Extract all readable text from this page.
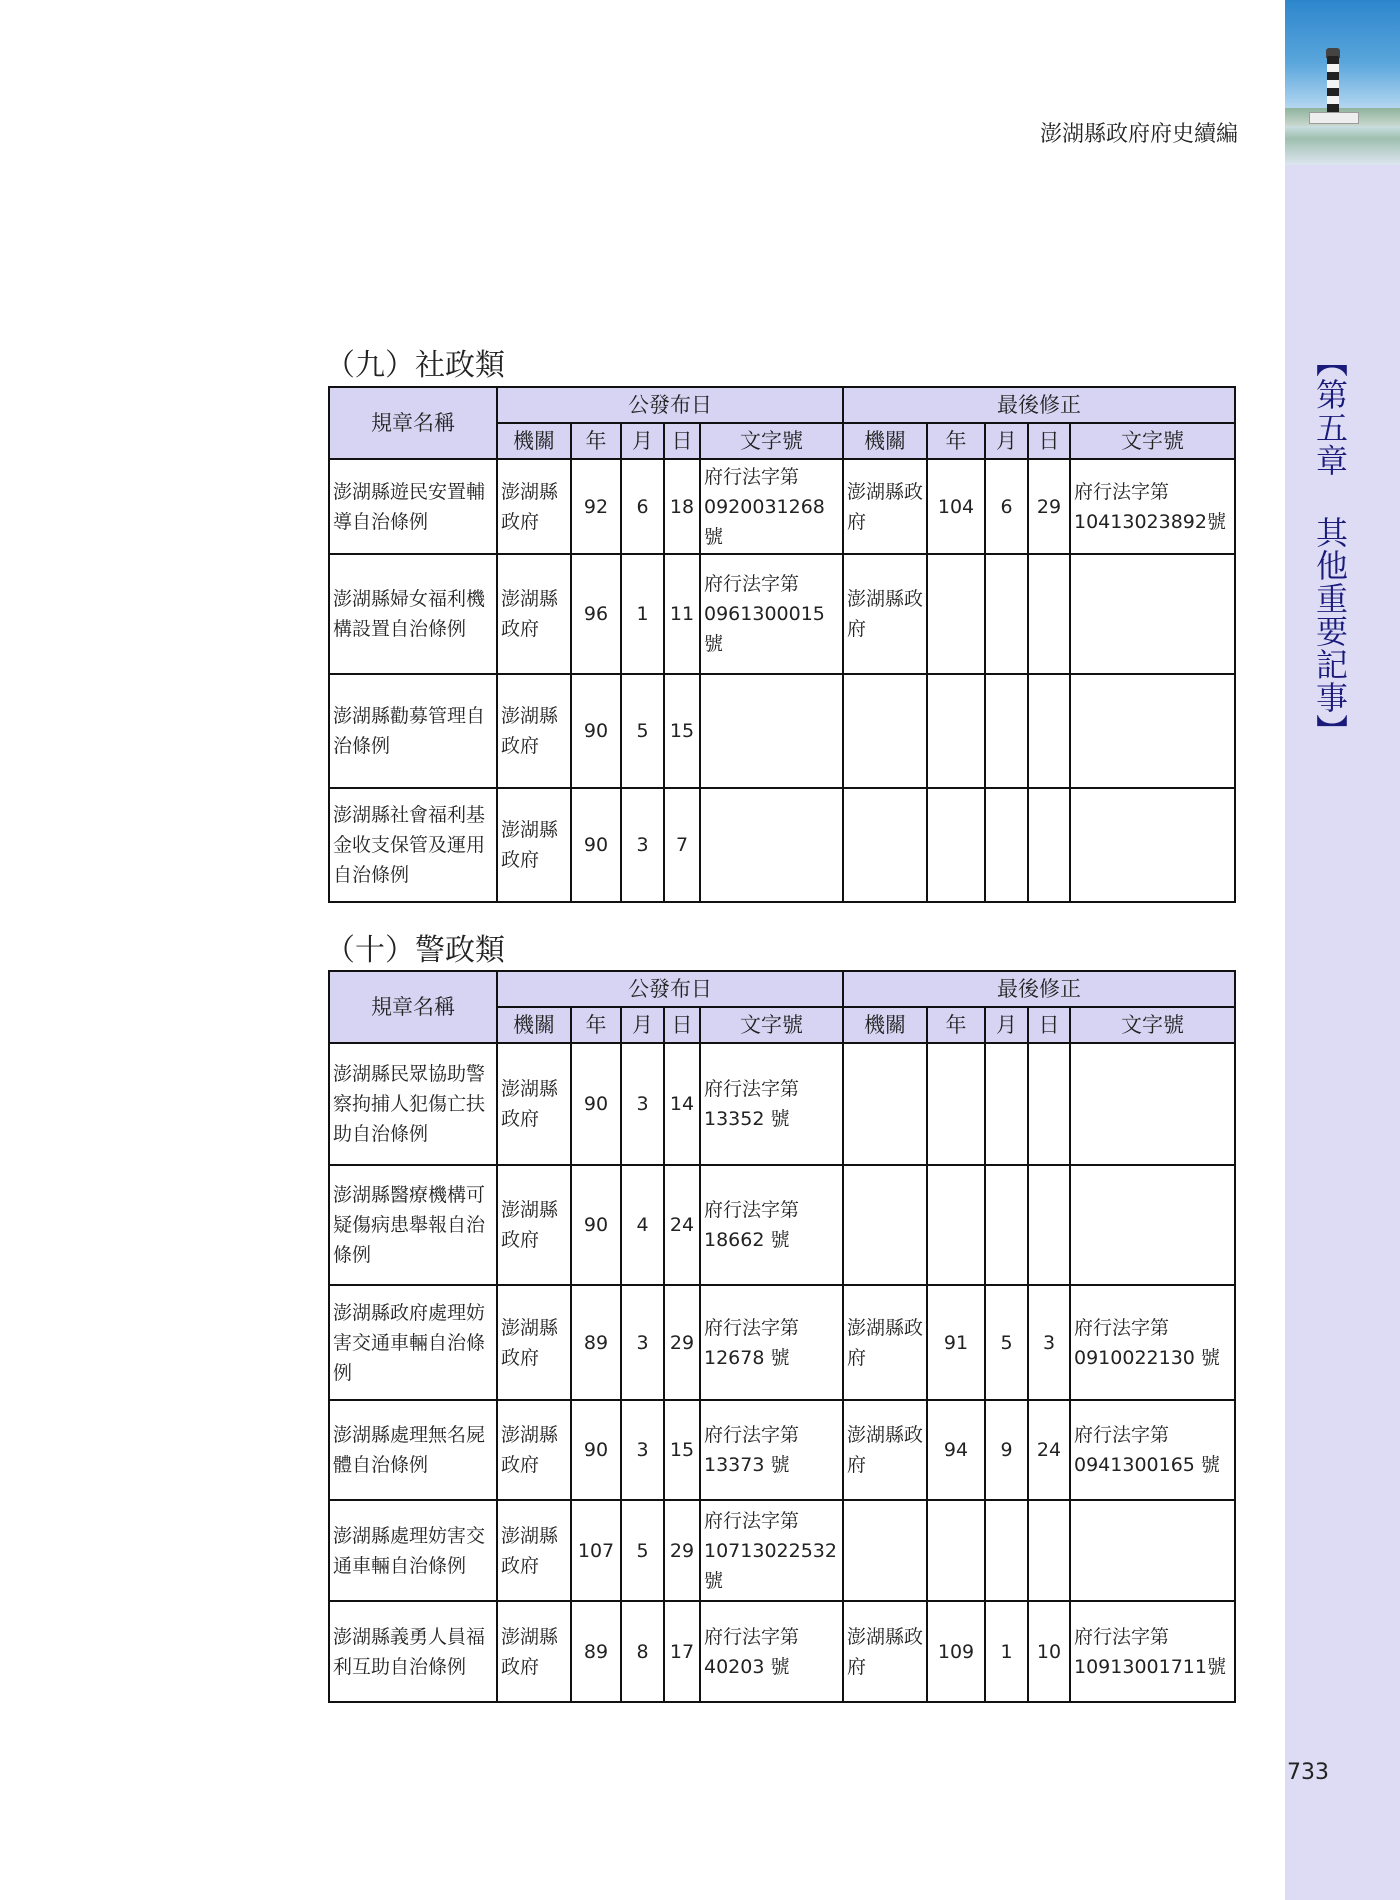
澎湖縣政府府史續編
【第五章 其他重要記事】
733
（九）社政類
規章名稱	公發布日					最後修正				
	機關	年	月	日	文字號	機關	年	月	日	文字號
澎湖縣遊民安置輔導自治條例	澎湖縣政府	92	6	18	府行法字第0920031268號	澎湖縣政府	104	6	29	府行法字第10413023892號
澎湖縣婦女福利機構設置自治條例	澎湖縣政府	96	1	11	府行法字第0961300015號	澎湖縣政府				
澎湖縣勸募管理自治條例	澎湖縣政府	90	5	15						
澎湖縣社會福利基金收支保管及運用自治條例	澎湖縣政府	90	3	7						
（十）警政類
規章名稱	公發布日					最後修正				
	機關	年	月	日	文字號	機關	年	月	日	文字號
澎湖縣民眾協助警察拘捕人犯傷亡扶助自治條例	澎湖縣政府	90	3	14	府行法字第13352 號					
澎湖縣醫療機構可疑傷病患舉報自治條例	澎湖縣政府	90	4	24	府行法字第18662 號					
澎湖縣政府處理妨害交通車輛自治條例	澎湖縣政府	89	3	29	府行法字第12678 號	澎湖縣政府	91	5	3	府行法字第0910022130 號
澎湖縣處理無名屍體自治條例	澎湖縣政府	90	3	15	府行法字第13373 號	澎湖縣政府	94	9	24	府行法字第0941300165 號
澎湖縣處理妨害交通車輛自治條例	澎湖縣政府	107	5	29	府行法字第10713022532號					
澎湖縣義勇人員福利互助自治條例	澎湖縣政府	89	8	17	府行法字第40203 號	澎湖縣政府	109	1	10	府行法字第10913001711號
